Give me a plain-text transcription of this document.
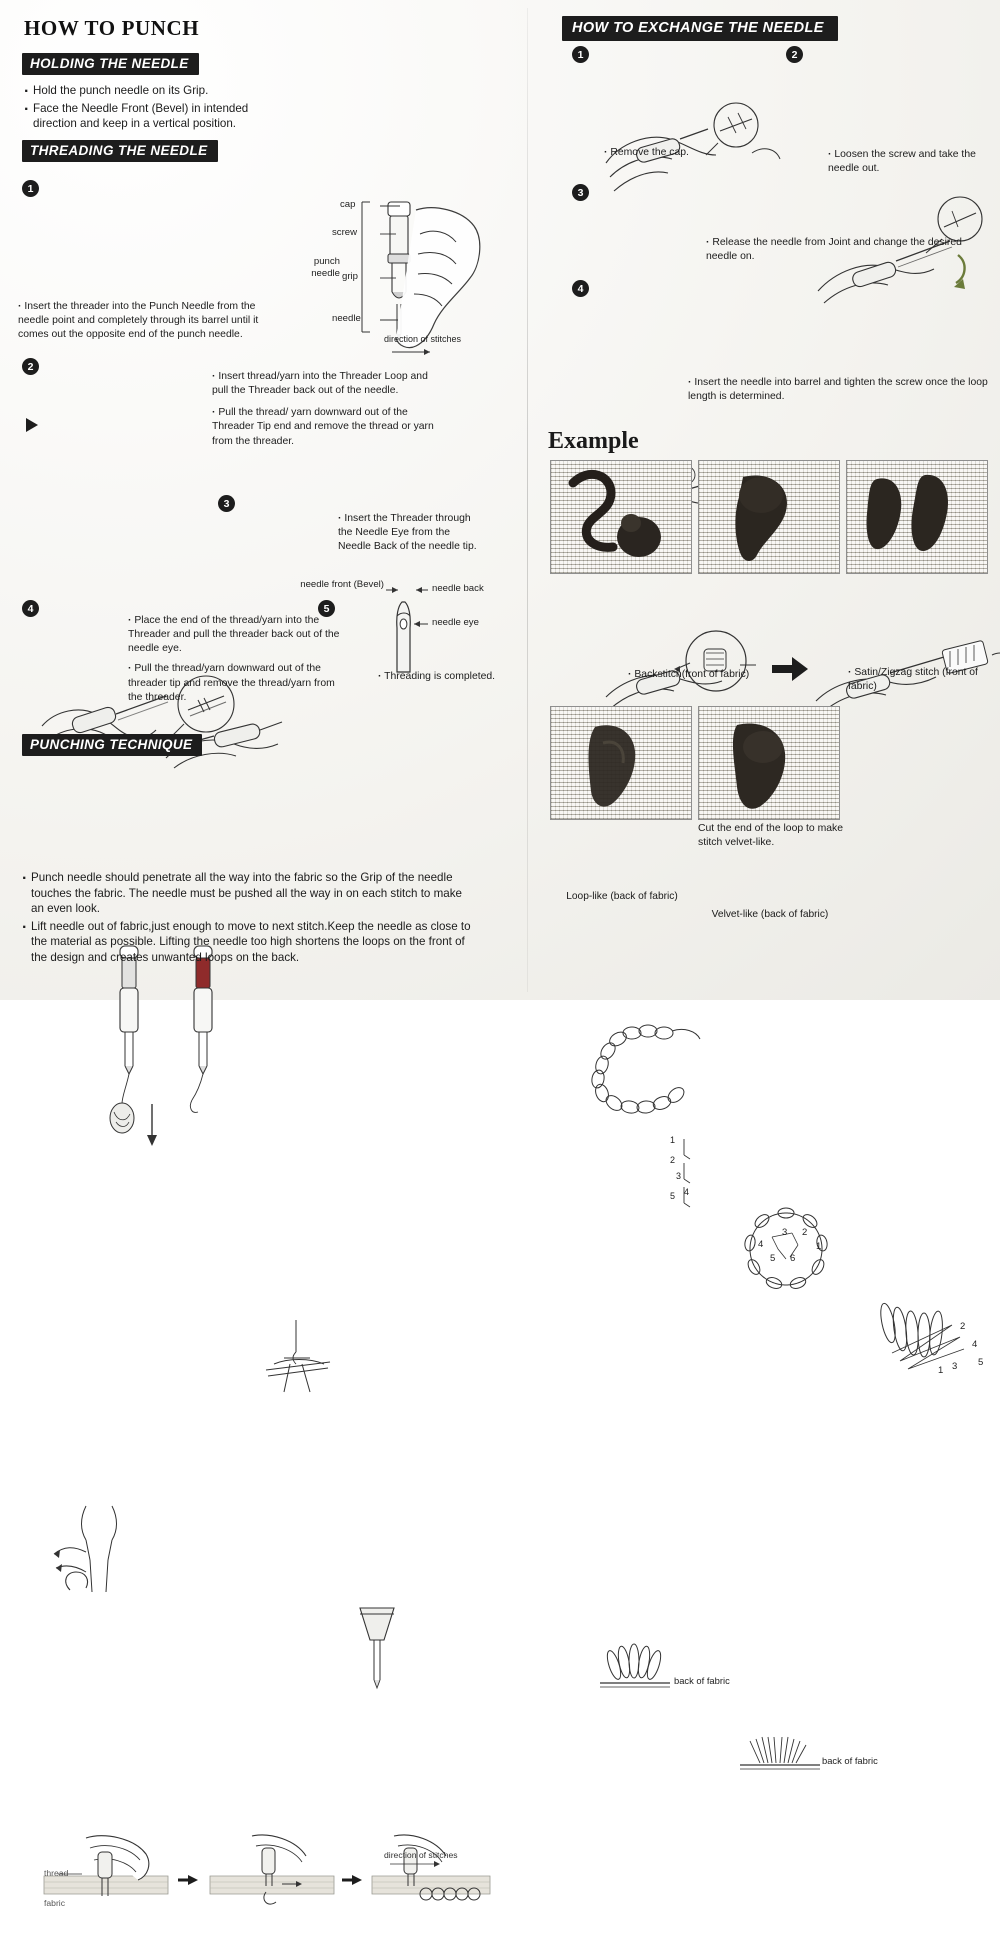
HOW TO PUNCH
HOLDING THE NEEDLE
· Hold the punch needle on its Grip.
· Face the Needle Front (Bevel) in intended direction and keep in a vertical position.
THREADING THE NEEDLE
cap
screw
punch needle grip
needle
direction of stitches
needle front (Bevel)	needle back
needle eye
1
· Insert the threader into the Punch Needle from the needle point and completely through its barrel until it comes out the opposite end of the punch needle.
2
· Insert thread/yarn into the Threader Loop and pull the Threader back out of the needle.
· Pull the thread/ yarn downward out of the Threader Tip end and remove the thread or yarn from the threader.
3
· Insert the Threader through the Needle Eye from the Needle Back of the needle tip.
4
· Place the end of the thread/yarn into the Threader and pull the threader back out of the needle eye.
· Pull the thread/yarn downward out of the threader tip and remove the thread/yarn from the threader.
5
· Threading is completed.
PUNCHING TECHNIQUE
thread
fabric
direction of stitches
· Punch needle should penetrate all the way into the fabric so the Grip of the needle touches the fabric. The needle must be pushed all the way in on each stitch to make an even look.
· Lift needle out of fabric,just enough to move to next stitch.Keep the needle as close to the material as possible. Lifting the needle too high shortens the loops on the front of the design and creates unwanted loops on the back.
HOW TO EXCHANGE THE NEEDLE
1
· Remove the cap.
2
· Loosen the screw and take the needle out.
3
· Release the needle from Joint and change the desired needle on.
4
· Insert the needle into barrel and tighten the screw once the loop length is determined.
Example
1
2
3
4
5
3 2
4	1
5 6
· Backstitch(front of fabric)
2
4
5
3
1
· Satin/Zigzag stitch (front of fabric)
Cut the end of the loop to make stitch velvet-like.
back of fabric
Loop-like (back of fabric)
back of fabric
Velvet-like (back of fabric)
